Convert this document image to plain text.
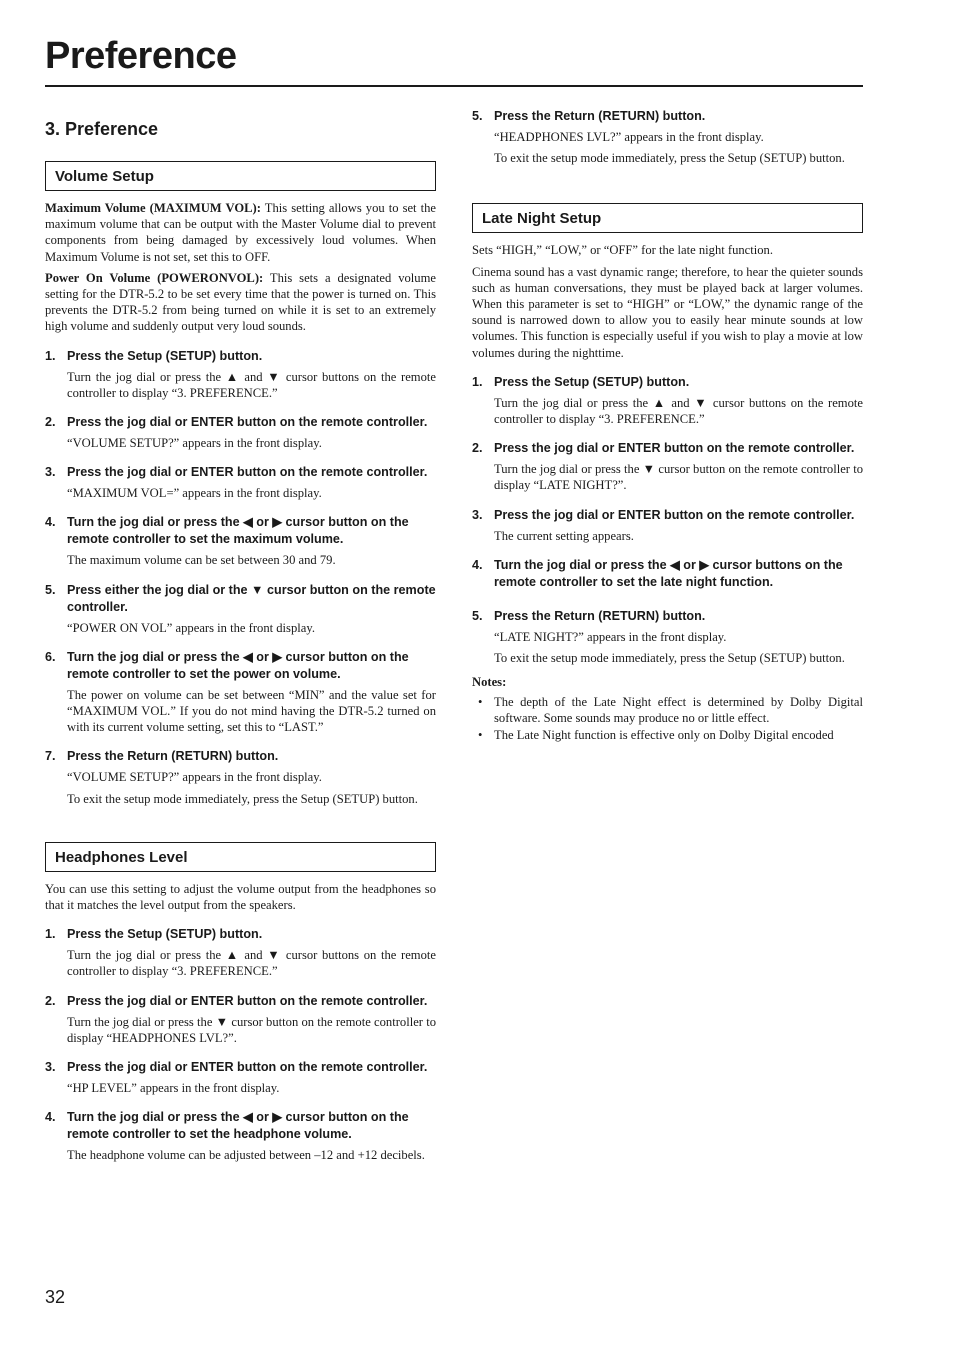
Preference
3. Preference
Volume Setup

Maximum Volume (MAXIMUM VOL): This setting allows you to set the maximum volume that can be output with the Master Volume dial to prevent components from being damaged by excessively loud volumes. When Maximum Volume is not set, set this to OFF.

Power On Volume (POWERONVOL): This sets a designated volume setting for the DTR-5.2 to be set every time that the power is turned on. This prevents the DTR-5.2 from being turned on while it is set to an extremely high volume and suddenly output very loud sounds.

1. Press the Setup (SETUP) button.

Turn the jog dial or press the ▲ and ▼ cursor buttons on the remote controller to display “3. PREFERENCE.”

2. Press the jog dial or ENTER button on the remote controller.

“VOLUME SETUP?” appears in the front display.

3. Press the jog dial or ENTER button on the remote controller.

“MAXIMUM VOL=” appears in the front display.

4. Turn the jog dial or press the ◀ or ▶ cursor button on the remote controller to set the maximum volume.

The maximum volume can be set between 30 and 79.

5. Press either the jog dial or the ▼ cursor button on the remote controller.

“POWER ON VOL” appears in the front display.

6. Turn the jog dial or press the ◀ or ▶ cursor button on the remote controller to set the power on volume.

The power on volume can be set between “MIN” and the value set for “MAXIMUM VOL.” If you do not mind having the DTR-5.2 turned on with its current volume setting, set this to “LAST.”

7. Press the Return (RETURN) button.

“VOLUME SETUP?” appears in the front display.

To exit the setup mode immediately, press the Setup (SETUP) button.

Headphones Level

You can use this setting to adjust the volume output from the headphones so that it matches the level output from the speakers.

1. Press the Setup (SETUP) button.

Turn the jog dial or press the ▲ and ▼ cursor buttons on the remote controller to display “3. PREFERENCE.”

2. Press the jog dial or ENTER button on the remote controller.

Turn the jog dial or press the ▼ cursor button on the remote controller to display “HEADPHONES LVL?”.

3. Press the jog dial or ENTER button on the remote controller.

“HP LEVEL” appears in the front display.

4. Turn the jog dial or press the ◀ or ▶ cursor button on the remote controller to set the headphone volume.

The headphone volume can be adjusted between –12 and +12 decibels.

5. Press the Return (RETURN) button.

“HEADPHONES LVL?” appears in the front display.

To exit the setup mode immediately, press the Setup (SETUP) button.

Late Night Setup

Sets “HIGH,” “LOW,” or “OFF” for the late night function.

Cinema sound has a vast dynamic range; therefore, to hear the quieter sounds such as human conversations, they must be played back at larger volumes. When this parameter is set to “HIGH” or “LOW,” the dynamic range of the sound is narrowed down to allow you to easily hear minute sounds at low volumes. This function is especially useful if you wish to play a movie at low volumes during the nighttime.

1. Press the Setup (SETUP) button.

Turn the jog dial or press the ▲ and ▼ cursor buttons on the remote controller to display “3. PREFERENCE.”

2. Press the jog dial or ENTER button on the remote controller.

Turn the jog dial or press the ▼ cursor button on the remote controller to display “LATE NIGHT?”.

3. Press the jog dial or ENTER button on the remote controller.

The current setting appears.

4. Turn the jog dial or press the ◀ or ▶ cursor buttons on the remote controller to set the late night function.
5. Press the Return (RETURN) button.

“LATE NIGHT?” appears in the front display.

To exit the setup mode immediately, press the Setup (SETUP) button.

Notes:
• The depth of the Late Night effect is determined by Dolby Digital software. Some sounds may produce no or little effect.
• The Late Night function is effective only on Dolby Digital encoded
32
